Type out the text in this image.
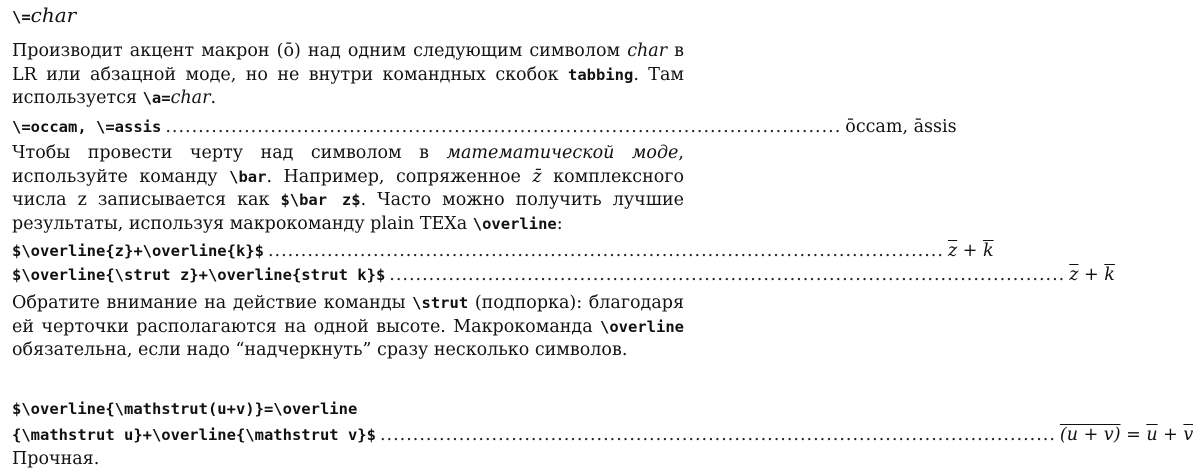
\=char
Производит акцент макрон (ō) над одним следующим символом char в LR или абзацной моде, но не внутри командных скобок tabbing. Там используется \a=char.
\=occam, \=assis ....................................................................................................... ōccam, āssis
Чтобы провести черту над символом в математической моде, используйте команду \bar. Например, сопряженное z̄ комплексного числа z записывается как $\bar z$. Часто можно получить лучшие результаты, используя макрокоманду plain TEXа \overline:
$\overline{z}+\overline{k}$ ....................................................................................................... $\overline{z} + \overline{k}$
$\overline{\strut z}+\overline{strut k}$ ....................................................................................................... $\overline{z} + \overline{k}$
Обратите внимание на действие команды \strut (подпорка): благодаря ей черточки располагаются на одной высоте. Макрокоманда \overline обязательна, если надо “надчеркнуть” сразу несколько символов.
$\overline{\mathstrut(u+v)}=\overline
{\mathstrut u}+\overline{\mathstrut v}$ ....................................................................................................... $(u + v) = \overline{u} + \overline{v}$
Прочная.
